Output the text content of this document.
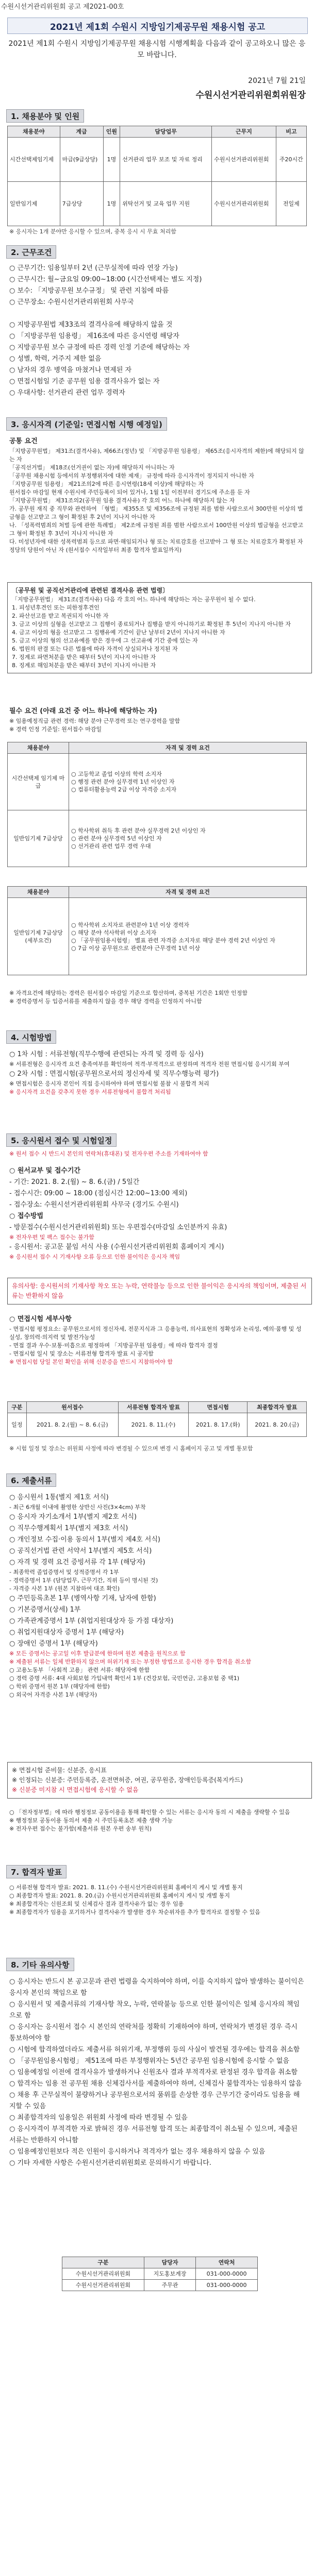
수원시선거관리위원회 공고 제2021-00호
2021년 제1회 수원시 지방임기제공무원 채용시험 공고
2021년 제1회 수원시 지방임기제공무원 채용시험 시행계획을 다음과 같이 공고하오니 많은 응모 바랍니다.
2021년 7월 21일
수원시선거관리위원회위원장
1. 채용분야 및 인원
채용분야	계급	인원	담당업무	근무지	비고
시간선택제임기제	마급(9급상당)	1명	선거관리 업무 보조 및 자료 정리	수원시선거관리위원회	주20시간
일반임기제	7급상당	1명	위탁선거 및 교육 업무 지원	수원시선거관리위원회	전일제
※ 응시자는 1개 분야만 응시할 수 있으며, 중복 응시 시 무효 처리함
2. 근무조건

○ 근무기간: 임용일부터 2년 (근무실적에 따라 연장 가능)

○ 근무시간: 월~금요일 09:00~18:00 (시간선택제는 별도 지정)

○ 보수: 「지방공무원 보수규정」 및 관련 지침에 따름

○ 근무장소: 수원시선거관리위원회 사무국

○ 지방공무원법 제33조의 결격사유에 해당하지 않을 것

○ 「지방공무원 임용령」 제16조에 따른 응시연령 해당자

○ 지방공무원 보수 규정에 따른 경력 인정 기준에 해당하는 자

○ 성별, 학력, 거주지 제한 없음

○ 남자의 경우 병역을 마쳤거나 면제된 자

○ 면접시험일 기준 공무원 임용 결격사유가 없는 자

○ 우대사항: 선거관리 관련 업무 경력자

3. 응시자격 (기준일: 면접시험 시행 예정일)

공통 요건

「지방공무원법」 제31조(결격사유), 제66조(정년) 및 「지방공무원 임용령」 제65조(응시자격의 제한)에 해당되지 않는 자

「공직선거법」 제18조(선거권이 없는 자)에 해당하지 아니하는 자

「공무원 채용시험 등에서의 부정행위자에 대한 제재」 규정에 따라 응시자격이 정지되지 아니한 자

「지방공무원 임용령」 제21조의2에 따른 응시연령(18세 이상)에 해당하는 자

원서접수 마감일 현재 수원시에 주민등록이 되어 있거나, 1월 1일 이전부터 경기도에 주소를 둔 자

「지방공무원법」 제31조의2(공무원 임용 결격사유) 각 호의 어느 하나에 해당하지 않는 자

가. 공무원 재직 중 직무와 관련하여 「형법」 제355조 및 제356조에 규정된 죄를 범한 사람으로서 300만원 이상의 벌금형을 선고받고 그 형이 확정된 후 2년이 지나지 아니한 자

나. 「성폭력범죄의 처벌 등에 관한 특례법」 제2조에 규정된 죄를 범한 사람으로서 100만원 이상의 벌금형을 선고받고 그 형이 확정된 후 3년이 지나지 아니한 자

다. 미성년자에 대한 성폭력범죄 등으로 파면·해임되거나 형 또는 치료감호를 선고받아 그 형 또는 치료감호가 확정된 자

정당의 당원이 아닌 자 (원서접수 시작일부터 최종 합격자 발표일까지)

〔공무원 및 공직선거관리에 관련된 결격사유 관련 법령〕
「지방공무원법」 제31조(결격사유) 다음 각 호의 어느 하나에 해당하는 자는 공무원이 될 수 없다.
1. 피성년후견인 또는 피한정후견인
2. 파산선고를 받고 복권되지 아니한 자
3. 금고 이상의 실형을 선고받고 그 집행이 종료되거나 집행을 받지 아니하기로 확정된 후 5년이 지나지 아니한 자
4. 금고 이상의 형을 선고받고 그 집행유예 기간이 끝난 날부터 2년이 지나지 아니한 자
5. 금고 이상의 형의 선고유예를 받은 경우에 그 선고유예 기간 중에 있는 자
6. 법원의 판결 또는 다른 법률에 따라 자격이 상실되거나 정지된 자
7. 징계로 파면처분을 받은 때부터 5년이 지나지 아니한 자
8. 징계로 해임처분을 받은 때부터 3년이 지나지 아니한 자

필수 요건 (아래 요건 중 어느 하나에 해당하는 자)

※ 임용예정직급 관련 경력: 해당 분야 근무경력 또는 연구경력을 말함

※ 경력 인정 기준일: 원서접수 마감일

채용분야	자격 및 경력 요건
시간선택제 임기제 마급	○ 고등학교 졸업 이상의 학력 소지자
○ 행정 관련 분야 실무경력 1년 이상인 자
○ 컴퓨터활용능력 2급 이상 자격증 소지자
일반임기제 7급상당	○ 학사학위 취득 후 관련 분야 실무경력 2년 이상인 자
○ 관련 분야 실무경력 5년 이상인 자
○ 선거관리 관련 업무 경력 우대
채용분야	자격 및 경력 요건
일반임기제 7급상당 (세부요건)	○ 학사학위 소지자로 관련분야 1년 이상 경력자
○ 해당 분야 석사학위 이상 소지자
○ 「공무원임용시험령」 별표 관련 자격증 소지자로 해당 분야 경력 2년 이상인 자
○ 7급 이상 공무원으로 관련분야 근무경력 1년 이상

※ 자격요건에 해당하는 경력은 원서접수 마감일 기준으로 합산하며, 중복된 기간은 1회만 인정함

※ 경력증명서 등 입증서류를 제출하지 않을 경우 해당 경력을 인정하지 아니함

4. 시험방법

○ 1차 시험 : 서류전형(직무수행에 관련되는 자격 및 경력 등 심사)

※ 서류전형은 응시자격 요건 충족여부를 확인하여 적격·부적격으로 판정하며 적격자 전원 면접시험 응시기회 부여

○ 2차 시험 : 면접시험(공무원으로서의 정신자세 및 직무수행능력 평가)

※ 면접시험은 응시자 본인이 직접 응시하여야 하며 면접시험 불참 시 불합격 처리

※ 응시자격 요건을 갖추지 못한 경우 서류전형에서 불합격 처리됨

5. 응시원서 접수 및 시험일정
※ 원서 접수 시 반드시 본인의 연락처(휴대폰) 및 전자우편 주소를 기재하여야 함

○ 원서교부 및 접수기간

- 기간: 2021. 8. 2.(월) ~ 8. 6.(금) / 5일간

- 접수시간: 09:00 ~ 18:00 (점심시간 12:00~13:00 제외)

- 접수장소: 수원시선거관리위원회 사무국 (경기도 수원시)

○ 접수방법

- 방문접수(수원시선거관리위원회) 또는 우편접수(마감일 소인분까지 유효)

※ 전자우편 및 팩스 접수는 불가함

- 응시원서: 공고문 붙임 서식 사용 (수원시선거관리위원회 홈페이지 게시)

※ 응시원서 접수 시 기재사항 오류 등으로 인한 불이익은 응시자 책임

유의사항: 응시원서의 기재사항 착오 또는 누락, 연락불능 등으로 인한 불이익은 응시자의 책임이며, 제출된 서류는 반환하지 않음

○ 면접시험 세부사항

- 면접시험 평정요소: 공무원으로서의 정신자세, 전문지식과 그 응용능력, 의사표현의 정확성과 논리성, 예의·품행 및 성실성, 창의력·의지력 및 발전가능성

- 면접 결과 우수·보통·미흡으로 평정하며 「지방공무원 임용령」에 따라 합격자 결정

- 면접시험 일시 및 장소는 서류전형 합격자 발표 시 공지함

※ 면접시험 당일 본인 확인을 위해 신분증을 반드시 지참하여야 함

구분	원서접수	서류전형 합격자 발표	면접시험	최종합격자 발표
일정	2021. 8. 2.(월) ~ 8. 6.(금)	2021. 8. 11.(수)	2021. 8. 17.(화)	2021. 8. 20.(금)
※ 시험 일정 및 장소는 위원회 사정에 따라 변경될 수 있으며 변경 시 홈페이지 공고 및 개별 통보함
6. 제출서류

○ 응시원서 1통(별지 제1호 서식)

- 최근 6개월 이내에 촬영한 상반신 사진(3×4cm) 부착

○ 응시자 자기소개서 1부(별지 제2호 서식)

○ 직무수행계획서 1부(별지 제3호 서식)

○ 개인정보 수집·이용 동의서 1부(별지 제4호 서식)

○ 공직선거법 관련 서약서 1부(별지 제5호 서식)

○ 자격 및 경력 요건 증빙서류 각 1부 (해당자)

- 최종학력 졸업증명서 및 성적증명서 각 1부

- 경력증명서 1부 (담당업무, 근무기간, 직위 등이 명시된 것)

- 자격증 사본 1부 (원본 지참하여 대조 확인)

○ 주민등록초본 1부 (병역사항 기재, 남자에 한함)

○ 기본증명서(상세) 1부

○ 가족관계증명서 1부 (취업지원대상자 등 가점 대상자)

○ 취업지원대상자 증명서 1부 (해당자)

○ 장애인 증명서 1부 (해당자)

※ 모든 증명서는 공고일 이후 발급분에 한하며 원본 제출을 원칙으로 함

※ 제출된 서류는 일체 반환하지 않으며 허위기재 또는 부정한 방법으로 응시한 경우 합격을 취소함

○ 고용노동부 「사회적 고용」 관련 서류: 해당자에 한함

○ 경력 증명 서류: 4대 사회보험 가입내역 확인서 1부 (건강보험, 국민연금, 고용보험 중 택1)

○ 학위 증명서 원본 1부 (해당자에 한함)

○ 외국어 자격증 사본 1부 (해당자)

※ 면접시험 준비물: 신분증, 응시표
※ 인정되는 신분증: 주민등록증, 운전면허증, 여권, 공무원증, 장애인등록증(복지카드)
※ 신분증 미지참 시 면접시험에 응시할 수 없음

○ 「전자정부법」에 따라 행정정보 공동이용을 통해 확인할 수 있는 서류는 응시자 동의 시 제출을 생략할 수 있음

※ 행정정보 공동이용 동의서 제출 시 주민등록초본 제출 생략 가능

※ 전자우편 접수는 불가함(제출서류 원본 우편 송부 원칙)

7. 합격자 발표

○ 서류전형 합격자 발표: 2021. 8. 11.(수) 수원시선거관리위원회 홈페이지 게시 및 개별 통지

○ 최종합격자 발표: 2021. 8. 20.(금) 수원시선거관리위원회 홈페이지 게시 및 개별 통지

※ 최종합격자는 신원조회 및 신체검사 결과 결격사유가 없는 경우 임용

※ 최종합격자가 임용을 포기하거나 결격사유가 발생한 경우 차순위자를 추가 합격자로 결정할 수 있음

8. 기타 유의사항

○ 응시자는 반드시 본 공고문과 관련 법령을 숙지하여야 하며, 이를 숙지하지 않아 발생하는 불이익은 응시자 본인의 책임으로 함

○ 응시원서 및 제출서류의 기재사항 착오, 누락, 연락불능 등으로 인한 불이익은 일체 응시자의 책임으로 함

○ 응시자는 응시원서 접수 시 본인의 연락처를 정확히 기재하여야 하며, 연락처가 변경된 경우 즉시 통보하여야 함

○ 시험에 합격하였더라도 제출서류 허위기재, 부정행위 등의 사실이 발견될 경우에는 합격을 취소함

○ 「공무원임용시험령」 제51조에 따른 부정행위자는 5년간 공무원 임용시험에 응시할 수 없음

○ 임용예정일 이전에 결격사유가 발생하거나 신원조사 결과 부적격자로 판정된 경우 합격을 취소함

○ 합격자는 임용 전 공무원 채용 신체검사서를 제출하여야 하며, 신체검사 불합격자는 임용하지 않음

○ 채용 후 근무실적이 불량하거나 공무원으로서의 품위를 손상한 경우 근무기간 중이라도 임용을 해지할 수 있음

○ 최종합격자의 임용일은 위원회 사정에 따라 변경될 수 있음

○ 응시자격이 부적격한 자로 밝혀진 경우 서류전형 합격 또는 최종합격이 취소될 수 있으며, 제출된 서류는 반환하지 아니함

○ 임용예정인원보다 적은 인원이 응시하거나 적격자가 없는 경우 채용하지 않을 수 있음

○ 기타 자세한 사항은 수원시선거관리위원회로 문의하시기 바랍니다.

구분	담당자	연락처
수원시선거관리위원회	지도홍보계장	031-000-0000
수원시선거관리위원회	주무관	031-000-0000
